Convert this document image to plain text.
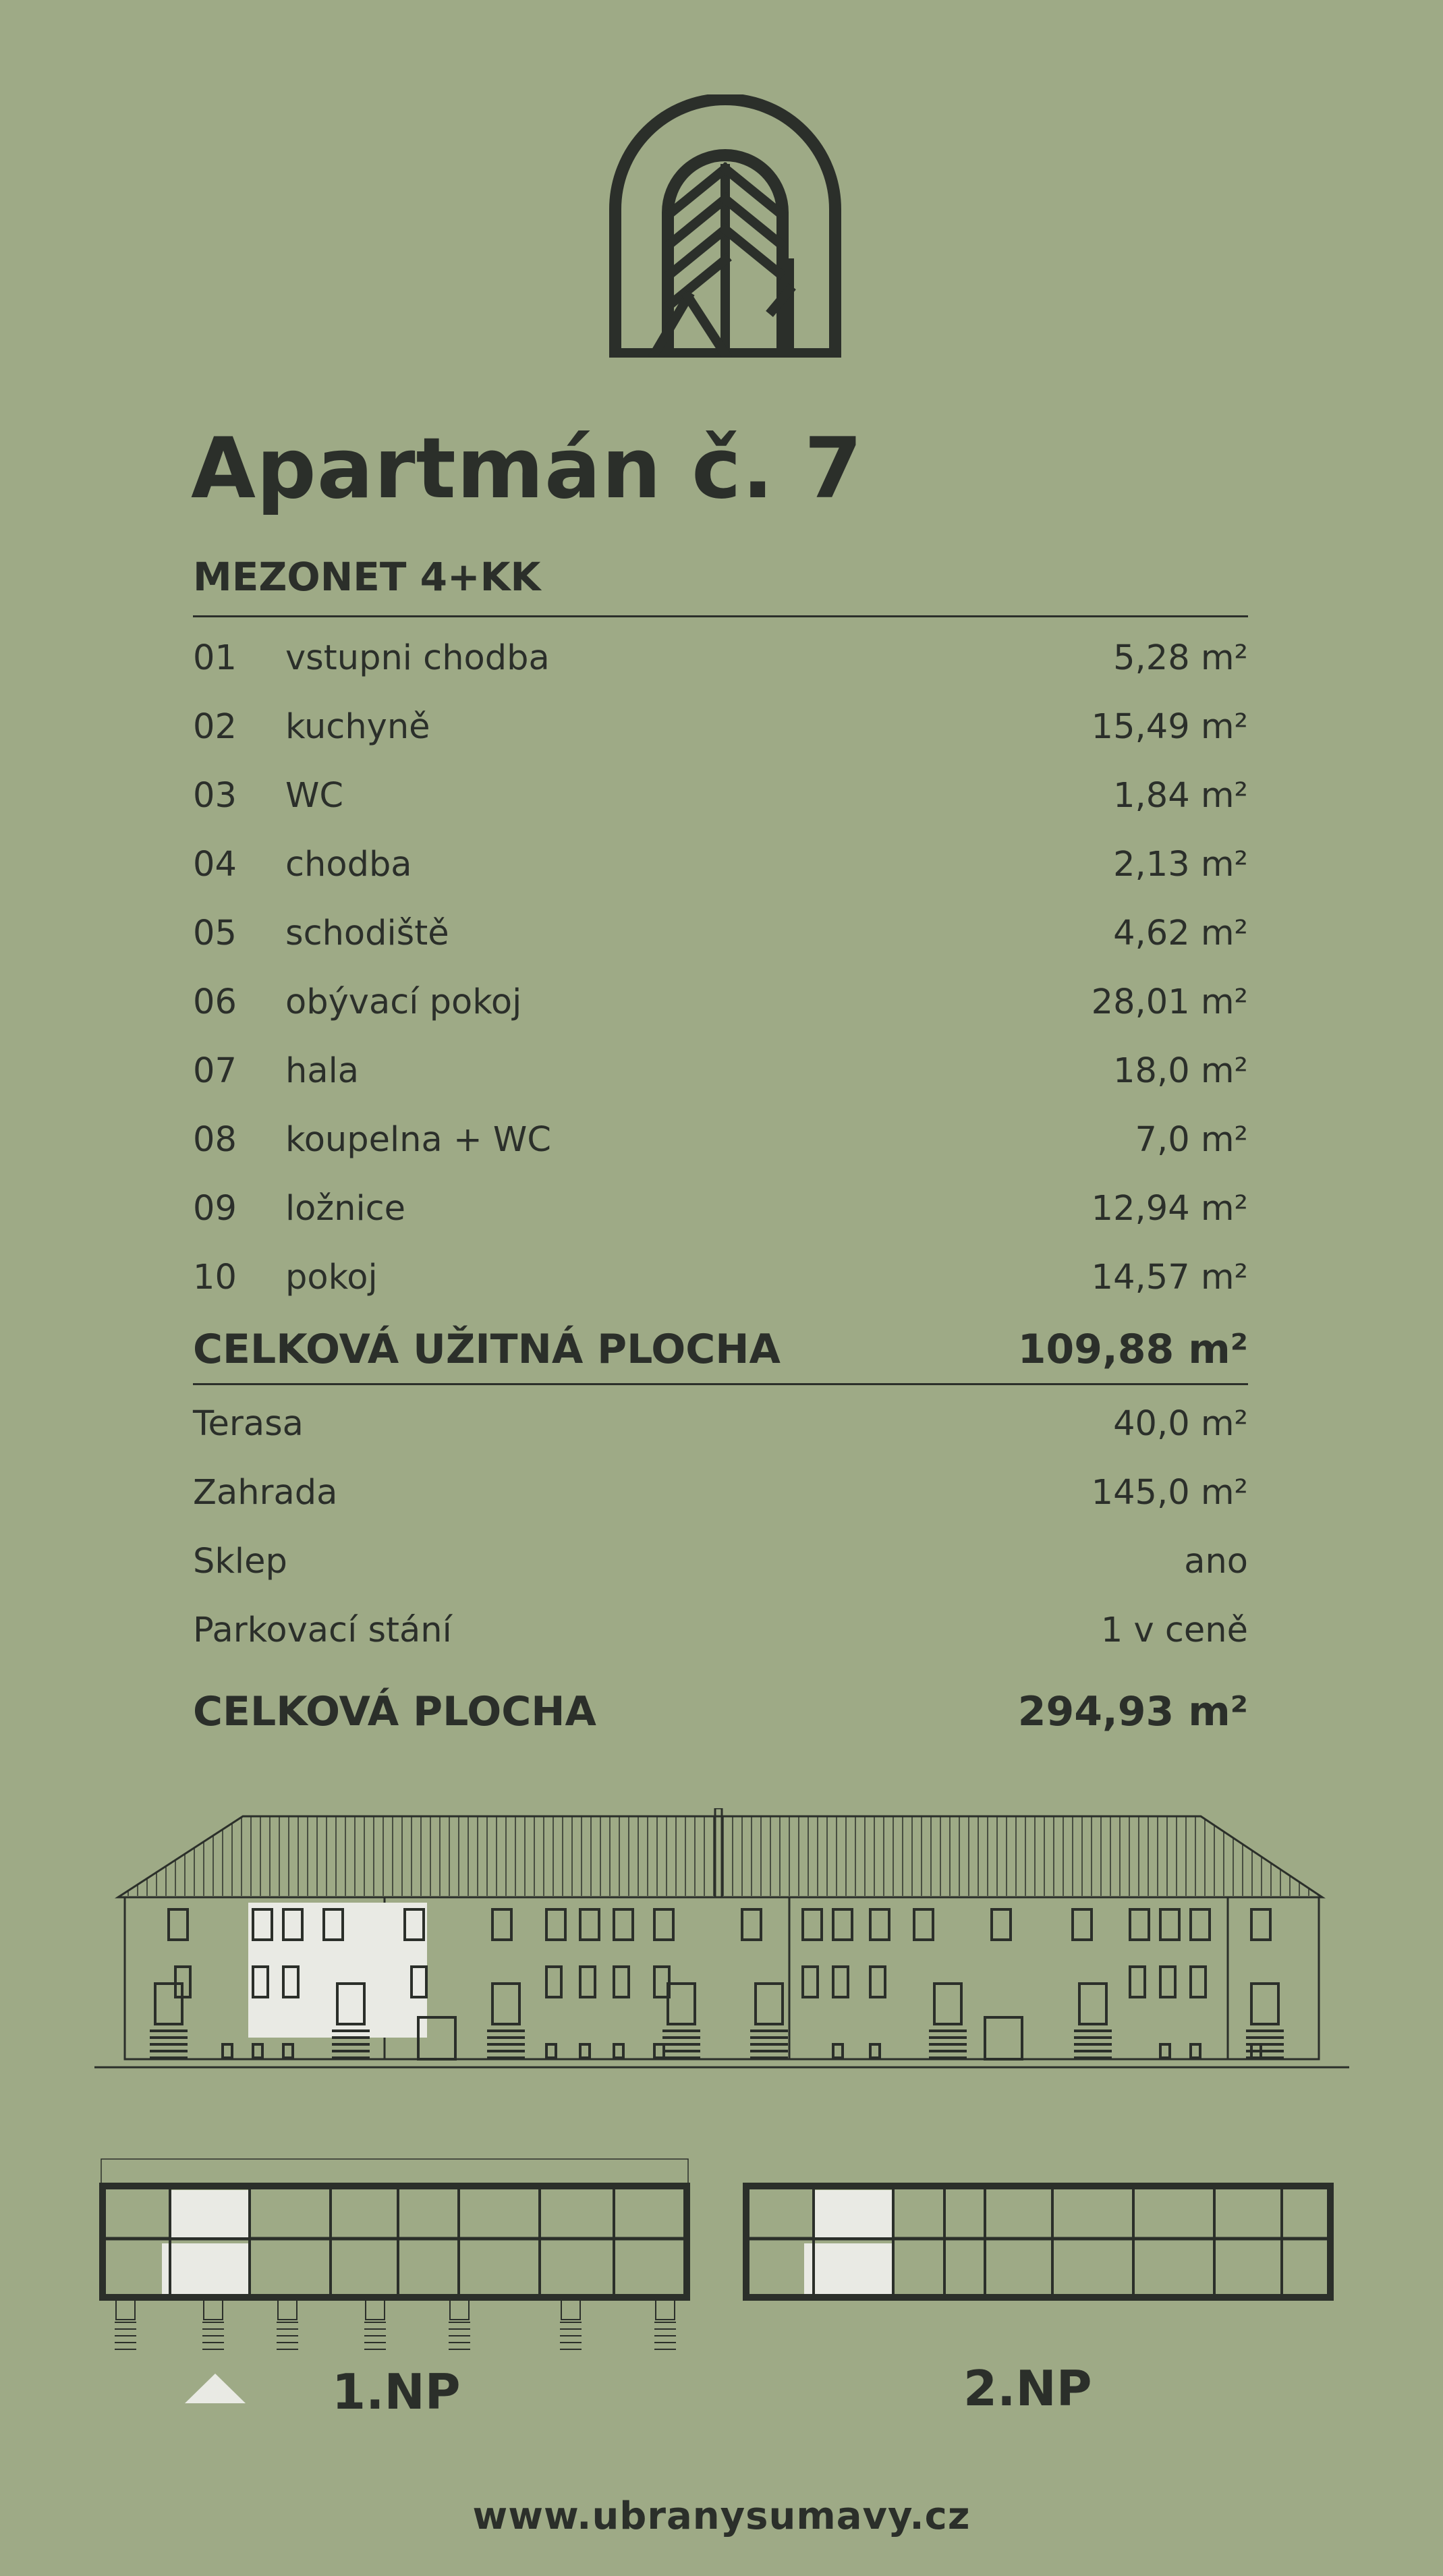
Apartmán č. 7
MEZONET 4+KK
01 vstupni chodba	5,28 m²
02 kuchyně	15,49 m²
03 WC	1,84 m²
04 chodba	2,13 m²
05 schodiště	4,62 m²
06 obývací pokoj	28,01 m²
07 hala	18,0 m²
08 koupelna + WC	7,0 m²
09 ložnice	12,94 m²
10 pokoj	14,57 m²
CELKOVÁ UŽITNÁ PLOCHA	109,88 m²
Terasa	40,0 m²
Zahrada	145,0 m²
Sklep	ano
Parkovací stání	1 v ceně
CELKOVÁ PLOCHA	294,93 m²
1.NP	2.NP
www.ubranysumavy.cz
